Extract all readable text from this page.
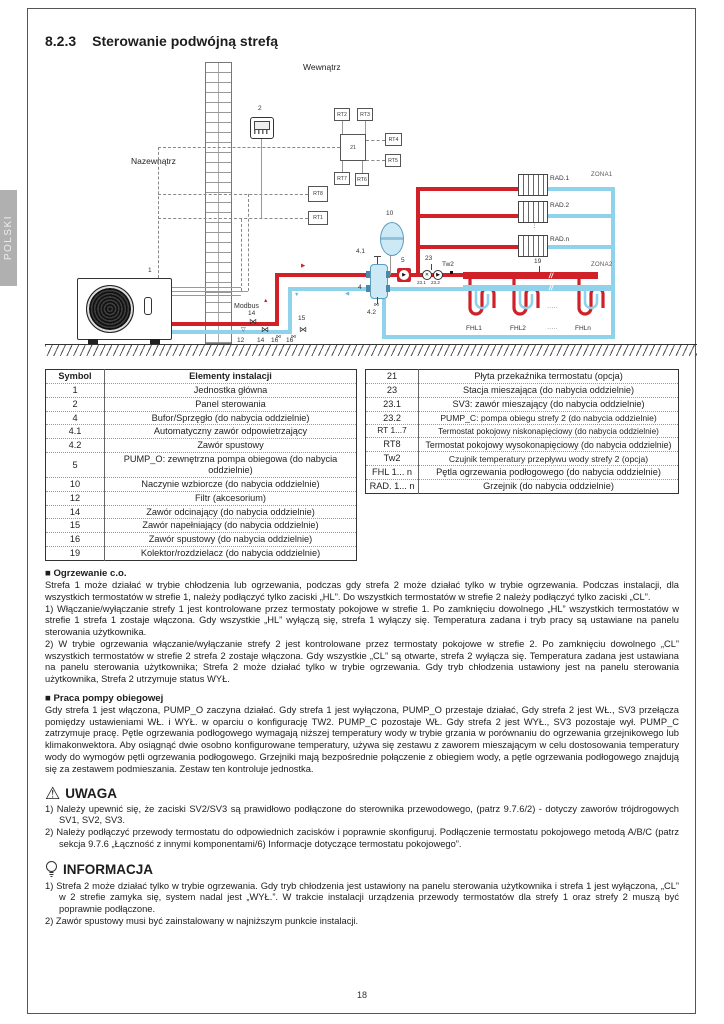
POLSKI
8.2.3 Sterowanie podwójną strefą
Wewnątrz
Nazewnątrz
Modbus
21
RT2	RT3
RT4
RT5
RT7	RT6
RT8
RT1
2
▶
▲
▼	◀
1
⋈
14
▽ ⋈
⋈
⋈
⋈
12 14 16
15
16
10
4.1
⋈
4.2
4
▶
5
✕	▶
23
23.1 23.2
Tw2
RAD.1
RAD.2
RAD.n
⋮
ZONA1
//
//
19	ZONA2
FHL1	FHL2	FHLn
·····
·····
Symbol	Elementy instalacji
1	Jednostka główna
2	Panel sterowania
4	Bufor/Sprzęgło (do nabycia oddzielnie)
4.1	Automatyczny zawór odpowietrzający
4.2	Zawór spustowy
5	PUMP_O: zewnętrzna pompa obiegowa (do nabycia oddzielnie)
10	Naczynie wzbiorcze (do nabycia oddzielnie)
12	Filtr (akcesorium)
14	Zawór odcinający (do nabycia oddzielnie)
15	Zawór napełniający (do nabycia oddzielnie)
16	Zawór spustowy (do nabycia oddzielnie)
19	Kolektor/rozdzielacz (do nabycia oddzielnie)
21	Płyta przekaźnika termostatu (opcja)
23	Stacja mieszająca (do nabycia oddzielnie)
23.1	SV3: zawór mieszający (do nabycia oddzielnie)
23.2	PUMP_C: pompa obiegu strefy 2 (do nabycia oddzielnie)
RT 1...7	Termostat pokojowy niskonapięciowy (do nabycia oddzielnie)
RT8	Termostat pokojowy wysokonapięciowy (do nabycia oddzielnie)
Tw2	Czujnik temperatury przepływu wody strefy 2 (opcja)
FHL 1... n	Pętla ogrzewania podłogowego (do nabycia oddzielnie)
RAD. 1... n	Grzejnik (do nabycia oddzielnie)
■ Ogrzewanie c.o.

Strefa 1 może działać w trybie chłodzenia lub ogrzewania, podczas gdy strefa 2 może działać tylko w trybie ogrzewania. Podczas instalacji, dla wszystkich termostatów w strefie 1, należy podłączyć tylko zaciski „HL”. Do wszystkich termostatów w strefie 2 należy podłączyć tylko zaciski „CL”.

1) Włączanie/wyłączanie strefy 1 jest kontrolowane przez termostaty pokojowe w strefie 1. Po zamknięciu dowolnego „HL” wszystkich termostatów w strefie 1 strefa 1 zostaje włączona. Gdy wszystkie „HL” wyłączą się, strefa 1 wyłączy się. Temperatura zadana i tryb pracy są ustawiane na panelu sterowania użytkownika.

2) W trybie ogrzewania włączanie/wyłączanie strefy 2 jest kontrolowane przez termostaty pokojowe w strefie 2. Po zamknięciu dowolnego „CL” wszystkich termostatów w strefie 2 strefa 2 zostaje włączona. Gdy wszystkie „CL” są otwarte, strefa 2 wyłącza się. Temperatura zadana jest ustawiana na panelu sterowania użytkownika; Strefa 2 może działać tylko w trybie ogrzewania. Gdy tryb chłodzenia ustawiony jest na panelu sterowania użytkownika, Strefa 2 utrzymuje status WYŁ.

■ Praca pompy obiegowej

Gdy strefa 1 jest włączona, PUMP_O zaczyna działać. Gdy strefa 1 jest wyłączona, PUMP_O przestaje działać, Gdy strefa 2 jest WŁ., SV3 przełącza pomiędzy ustawieniami WŁ. i WYŁ. w oparciu o konfigurację TW2. PUMP_C pozostaje WŁ. Gdy strefa 2 jest WYŁ., SV3 pozostaje wył. PUMP_C zatrzymuje pracę. Pętle ogrzewania podłogowego wymagają niższej temperatury wody w trybie grzania w porównaniu do ogrzewania grzejnikowego lub klimakonwektora. Aby osiągnąć dwie osobno konfigurowane temperatury, używa się zestawu z zaworem mieszającym w celu dostosowania temperatury wody do wymogów pętli ogrzewania podłogowego. Grzejniki mają bezpośrednie połączenie z obiegiem wody, a pętle ogrzewania podłogowego znajdują się za zestawem podmieszania. Zestaw ten kontroluje jednostka.

⚠ UWAGA

1) Należy upewnić się, że zaciski SV2/SV3 są prawidłowo podłączone do sterownika przewodowego, (patrz 9.7.6/2) - dotyczy zaworów trójdrogowych SV1, SV2, SV3.

2) Należy podłączyć przewody termostatu do odpowiednich zacisków i poprawnie skonfiguruj. Podłączenie termostatu pokojowego metodą A/B/C (patrz sekcja 9.7.6 „Łączność z innymi komponentami/6) Informacje dotyczące termostatu pokojowego”.

INFORMACJA

1) Strefa 2 może działać tylko w trybie ogrzewania. Gdy tryb chłodzenia jest ustawiony na panelu sterowania użytkownika i strefa 1 jest wyłączona, „CL” w 2 strefie zamyka się, system nadal jest „WYŁ.”. W trakcie instalacji urządzenia przewody termostatów dla strefy 1 oraz strefy 2 muszą być poprawnie podłączone.

2) Zawór spustowy musi być zainstalowany w najniższym punkcie instalacji.

18
